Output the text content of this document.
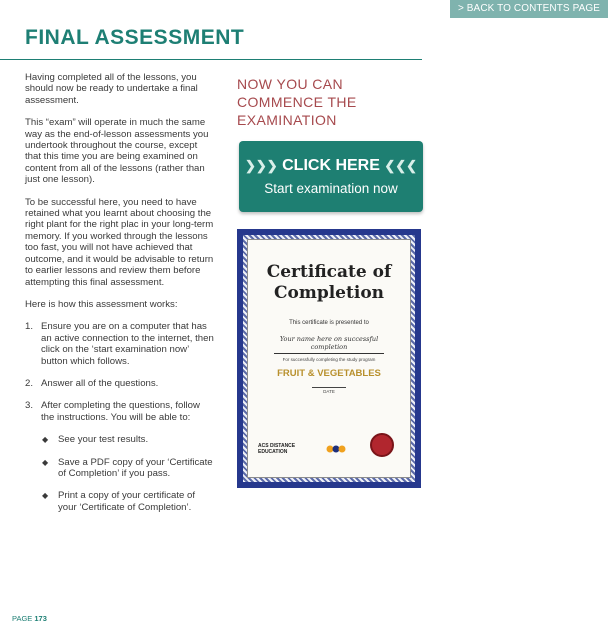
> BACK TO CONTENTS PAGE
FINAL ASSESSMENT

Having completed all of the lessons, you should now be ready to undertake a final assessment.

This “exam” will operate in much the same way as the end-of-lesson assessments you undertook throughout the course, except that this time you are being examined on content from all of the lessons (rather than just one lesson).

To be successful here, you need to have retained what you learnt about choosing the right plant for the right plac in your long-term memory. If you worked through the lessons too fast, you will not have achieved that outcome, and it would be advisable to return to earlier lessons and review them before attempting this final assessment.

Here is how this assessment works:

1. Ensure you are on a computer that has an active connection to the internet, then click on the ‘start examination now’ button which follows.
2. Answer all of the questions.
3. After completing the questions, follow the instructions. You will be able to:
◆ See your test results.
◆ Save a PDF copy of your ‘Certificate of Completion’ if you pass.
◆ Print a copy of your certificate of your ‘Certificate of Completion’.
NOW YOU CAN COMMENCE THE EXAMINATION
❯❯❯ CLICK HERE ❮❮❮
Start examination now
Certificate of
Completion
This certificate is presented to
Your name here on successful completion
For successfully completing the study program
FRUIT & VEGETABLES
DATE
ACS DISTANCE
EDUCATION
PAGE 173
